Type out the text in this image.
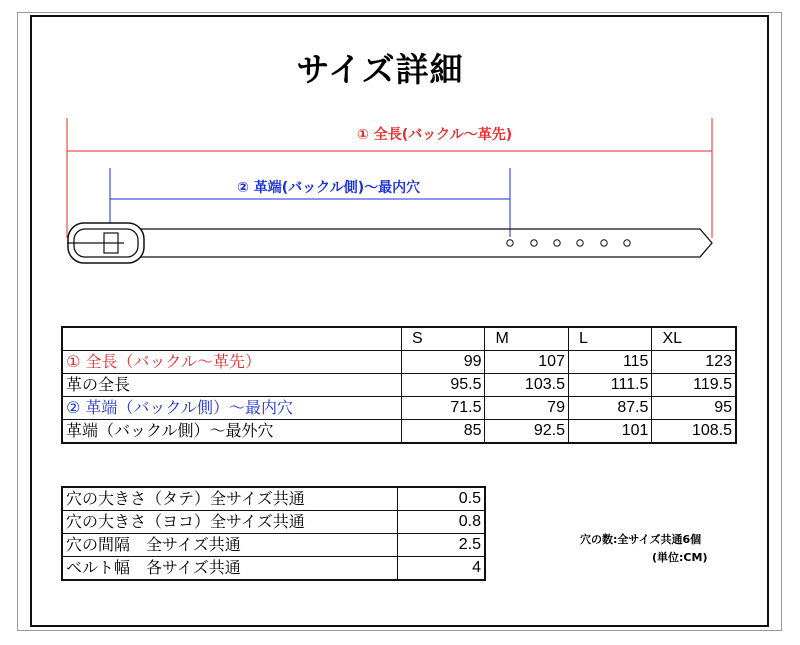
サイズ詳細
① 全長(バックル〜革先)
② 革端(バックル側)〜最内穴
	S	M	L	XL
① 全長（バックル〜革先）	99	107	115	123
革の全長	95.5	103.5	111.5	119.5
② 革端（バックル側）〜最内穴	71.5	79	87.5	95
革端（バックル側）〜最外穴	85	92.5	101	108.5
穴の大きさ（タテ）全サイズ共通	0.5
穴の大きさ（ヨコ）全サイズ共通	0.8
穴の間隔　全サイズ共通	2.5
ベルト幅　各サイズ共通	4
穴の数:全サイズ共通6個
(単位:CM)
